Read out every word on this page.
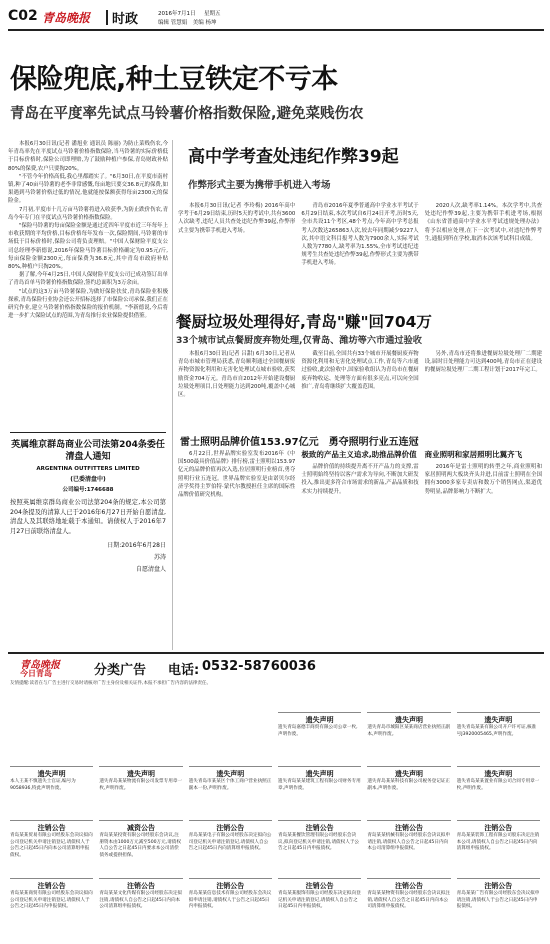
C02 青岛晚报 时政	2016年7月1日 星期五
编辑 管慧娟　美编 杨坤
保险兜底,种土豆铁定不亏本
青岛在平度率先试点马铃薯价格指数保险,避免菜贱伤农

本报6月30日讯(记者 潘旭业 通讯员 陈丽) 为防止菜贱伤农,今年青岛率先在平度试点马铃薯价格指数保险,当马铃薯的实际价格低于目标价格时,保险公司即理赔,为了鼓励种植户参保,青岛财政补贴80%的保费,农户只要掏20%。

"不管今年价格高低,我心里都踏实了。"6月30日,在平度市南村镇,种了40亩马铃薯的老李非常感慨,每亩地只要交36.8元的保费,如果遇到马铃薯价格过低的情况,他就能按保额获得每亩2300元的保险金。

7月初,平度市十几万亩马铃薯将进入收获季,为防止跌价伤农,青岛今年专门在平度试点马铃薯价格指数保险。

"保险马铃薯的每亩保险金额是通过近四年平度市近三年每年上市收获期的平均价格,目标价格每年发布一次,保险期间,马铃薯的市场低于目标价格时,保险公司将负责理赔。"中国人保财险平度支公司总经理李新德说,2016年保险马铃薯目标价格确定为0.95元/斤,每亩保险金额2300元,每亩保费为36.8元,其中青岛市政府补贴80%,种植户只掏20%。

据了解,今年4月25日,中国人保财险平度支公司已成功签订出单了青岛首单马铃薯价格指数保险,签约总面积为3万余亩。

"试点的这3万亩马铃薯保险,为做好保险扶贫,青岛保险业积极探索,青岛保险行业协会还公开招标选择了市保险公司承保,我们正在研究作业,建立马铃薯价格指数保险的报价机制。"李新德说,今后将进一步扩大保险试点的范围,为青岛推行农业保险提供借鉴。

英属维京群岛商业公司法第204条委任清盘人通知
ARGENTINA OUTFITTERS LIMITED
(已委清盘中)
公司编号:1746688
按照英属维京群岛商业公司法第204条的规定,本公司第204条提及的清算人已于2016年6月27日开始自愿清盘,清盘人及其联络地址载于本通知。请债权人于2016年7月27日前联络清盘人。
日期:2016年6月28日
苏涛
自愿清盘人
高中学考查处违纪作弊39起
作弊形式主要为携带手机进入考场

本报6月30日讯(记者 李玲梅) 2016年高中学考于6月29日结束,历时5天的考试中,共有3600人次缺考,违纪人员共查处违纪作弊39起,作弊形式主要为携带手机进入考场。

青岛市2016年夏季普通高中学业水平考试于6月29日结束,本次考试自6月24日开考,历时5天,全市共设11个考区,48个考点,今年高中学考总报考人次数达265863人次,较去年同期减少9227人次,其中语文科目报考人数为7900余人,实际考试人数为7780人,缺考率为1.55%,全市考试违纪违规考生共查处违纪作弊39起,作弊形式主要为携带手机进入考场。

2020人次,缺考率1.14%。本次学考中,共查处违纪作弊39起,主要为携带手机进考场,根据《山东省普通高中学业水平考试违规处理办法》将予以相应处理,在下一次考试中,对违纪作弊考生,通报到所在学校,取消本次该考试科目成绩。

餐厨垃圾处理得好,青岛"赚"回704万
33个城市试点餐厨废弃物处理,仅青岛、潍坊等六市通过验收

本报6月30日讯(记者 吕甜) 6月30日,记者从青岛市城市管理局获悉,青岛顺利通过全国餐厨废弃物资源化利用和无害化处理试点城市验收,获奖励资金704万元。青岛市自2012年开始建设餐厨垃圾处理项目,日处理能力达到200吨,覆盖中心城区。

截至目前,全国共有33个城市开展餐厨废弃物资源化利用和无害化处理试点工作,青岛等六市通过验收,此次验收中,国家验收组认为青岛市在餐厨废弃物收运、处理等方面有很多亮点,可以向全国推广,青岛将继续扩大覆盖范围。

另外,青岛市还将推进餐厨垃圾处理厂二期建设,届时日处理能力可达到400吨,青岛市正在建设的餐厨垃圾处理厂二期工程计划于2017年完工。

雷士照明品牌价值153.97亿元　勇夺照明行业五连冠

6月22日,世界品牌实验室发布2016年《中国500最具价值品牌》排行榜,雷士照明以153.97亿元的品牌价值再次入选,位居照明行业榜首,勇夺照明行业五连冠。世界品牌实验室是由诺贝尔经济学奖得主罗伯特·蒙代尔教授担任主席的国际性品牌价值研究机构。

极致的产品主义追求,助推品牌价值

品牌价值的持续提升离不开产品力的支撑,雷士照明始终坚持以客户需求为导向,不断加大研发投入,推出更多符合市场需求的新品,产品品质和技术实力持续提升。

商业照明和家居照明比翼齐飞

2016年是雷士照明的转型之年,商业照明和家居照明两大板块齐头并进,目前雷士照明在全国拥有3000多家专卖店和数万个销售网点,渠道优势明显,品牌影响力不断扩大。

青岛晚报
今日青岛	分类广告 电话: 0532-58760036
友情提醒:读者在与广告主进行交易时请核对广告主身份及相关证件,本报不承担广告内容的法律责任。
遗失声明
遗失青岛嘉德丰商贸有限公司公章一枚,声明作废。
遗失声明
遗失青岛市城阳区某某商店营业执照正副本,声明作废。
遗失声明
遗失青岛某某有限公司开户许可证,核准号J3920005465,声明作废。
遗失声明
本人王某不慎遗失士官证,编号为9058936,特此声明作废。
遗失声明
遗失青岛某某物流有限公司发票专用章一枚,声明作废。
遗失声明
遗失青岛市某某区个体工商户营业执照正副本一份,声明作废。
遗失声明
遗失青岛某某建筑工程有限公司财务专用章,声明作废。
遗失声明
遗失青岛某某科技有限公司税务登记证正副本,声明作废。
遗失声明
遗失青岛某某置业有限公司合同专用章一枚,声明作废。
注销公告
青岛某某贸易有限公司经股东会决议拟向公司登记机关申请注销登记,请债权人于公告之日起45日内向本公司清算组申报债权。
减资公告
青岛某某投资有限公司经股东会决议,注册资本由1000万元减至500万元,请债权人自公告之日起45日内要求本公司清偿债务或提供担保。
注销公告
青岛某某电子有限公司经股东决定拟向公司登记机关申请注销登记,请债权人自公告之日起45日内向清算组申报债权。
注销公告
青岛某某餐饮管理有限公司经股东会决议,拟向登记机关申请注销,请债权人于公告之日起45日内申报债权。
注销公告
青岛某某机械有限公司经股东会决议拟申请注销,请债权人自公告之日起45日内向本公司清算组申报债权。
注销公告
青岛某某装饰工程有限公司股东决定注销本公司,请债权人自公告之日起45日内向清算组申报债权。
注销公告
青岛某某商贸有限公司经股东会决议拟向公司登记机关申请注销登记,请债权人于公告之日起45日内申报债权。
注销公告
青岛某某文化传媒有限公司经股东决定拟注销,请债权人自公告之日起45日内向本公司清算组申报债权。
注销公告
青岛某某信息技术有限公司经股东会决议拟申请注销,请债权人于公告之日起45日内申报债权。
注销公告
青岛某某服饰有限公司经股东决定拟向登记机关申请注销登记,请债权人自公告之日起45日内申报债权。
注销公告
青岛某某物资有限公司经股东会决议拟注销,请债权人自公告之日起45日内向本公司清算组申报债权。
注销公告
青岛某某广告有限公司经股东会决议拟申请注销,请债权人于公告之日起45日内申报债权。
